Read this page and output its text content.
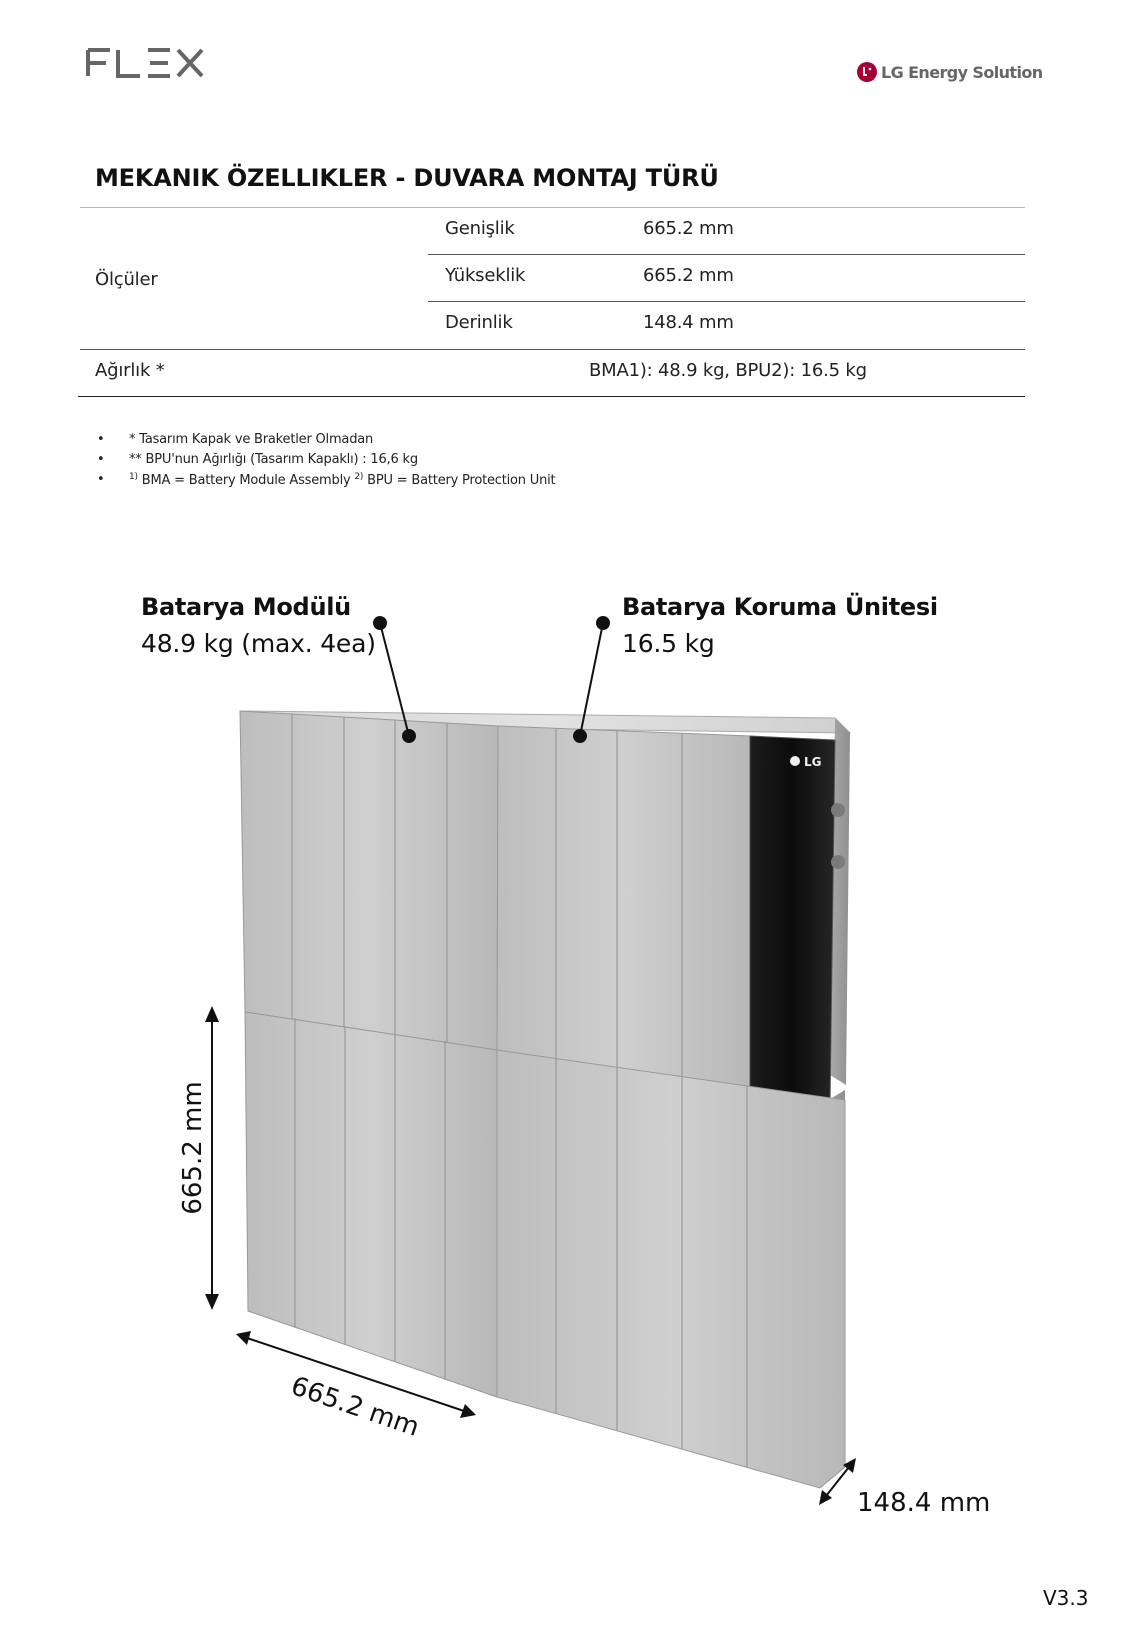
LG Energy Solution
MEKANIK ÖZELLIKLER - DUVARA MONTAJ TÜRÜ
Ölçüler
Genişlik	665.2 mm
Yükseklik	665.2 mm
Derinlik	148.4 mm
Ağırlık *	BMA1): 48.9 kg, BPU2): 16.5 kg
• * Tasarım Kapak ve Braketler Olmadan
• ** BPU'nun Ağırlığı (Tasarım Kapaklı) : 16,6 kg
•	$^{1)}$ BMA = Battery Module Assembly $^{2)}$ BPU = Battery Protection Unit
LG
Batarya Modülü
48.9 kg (max. 4ea)
Batarya Koruma Ünitesi
16.5 kg
665.2 mm
665.2 mm
148.4 mm
V3.3
